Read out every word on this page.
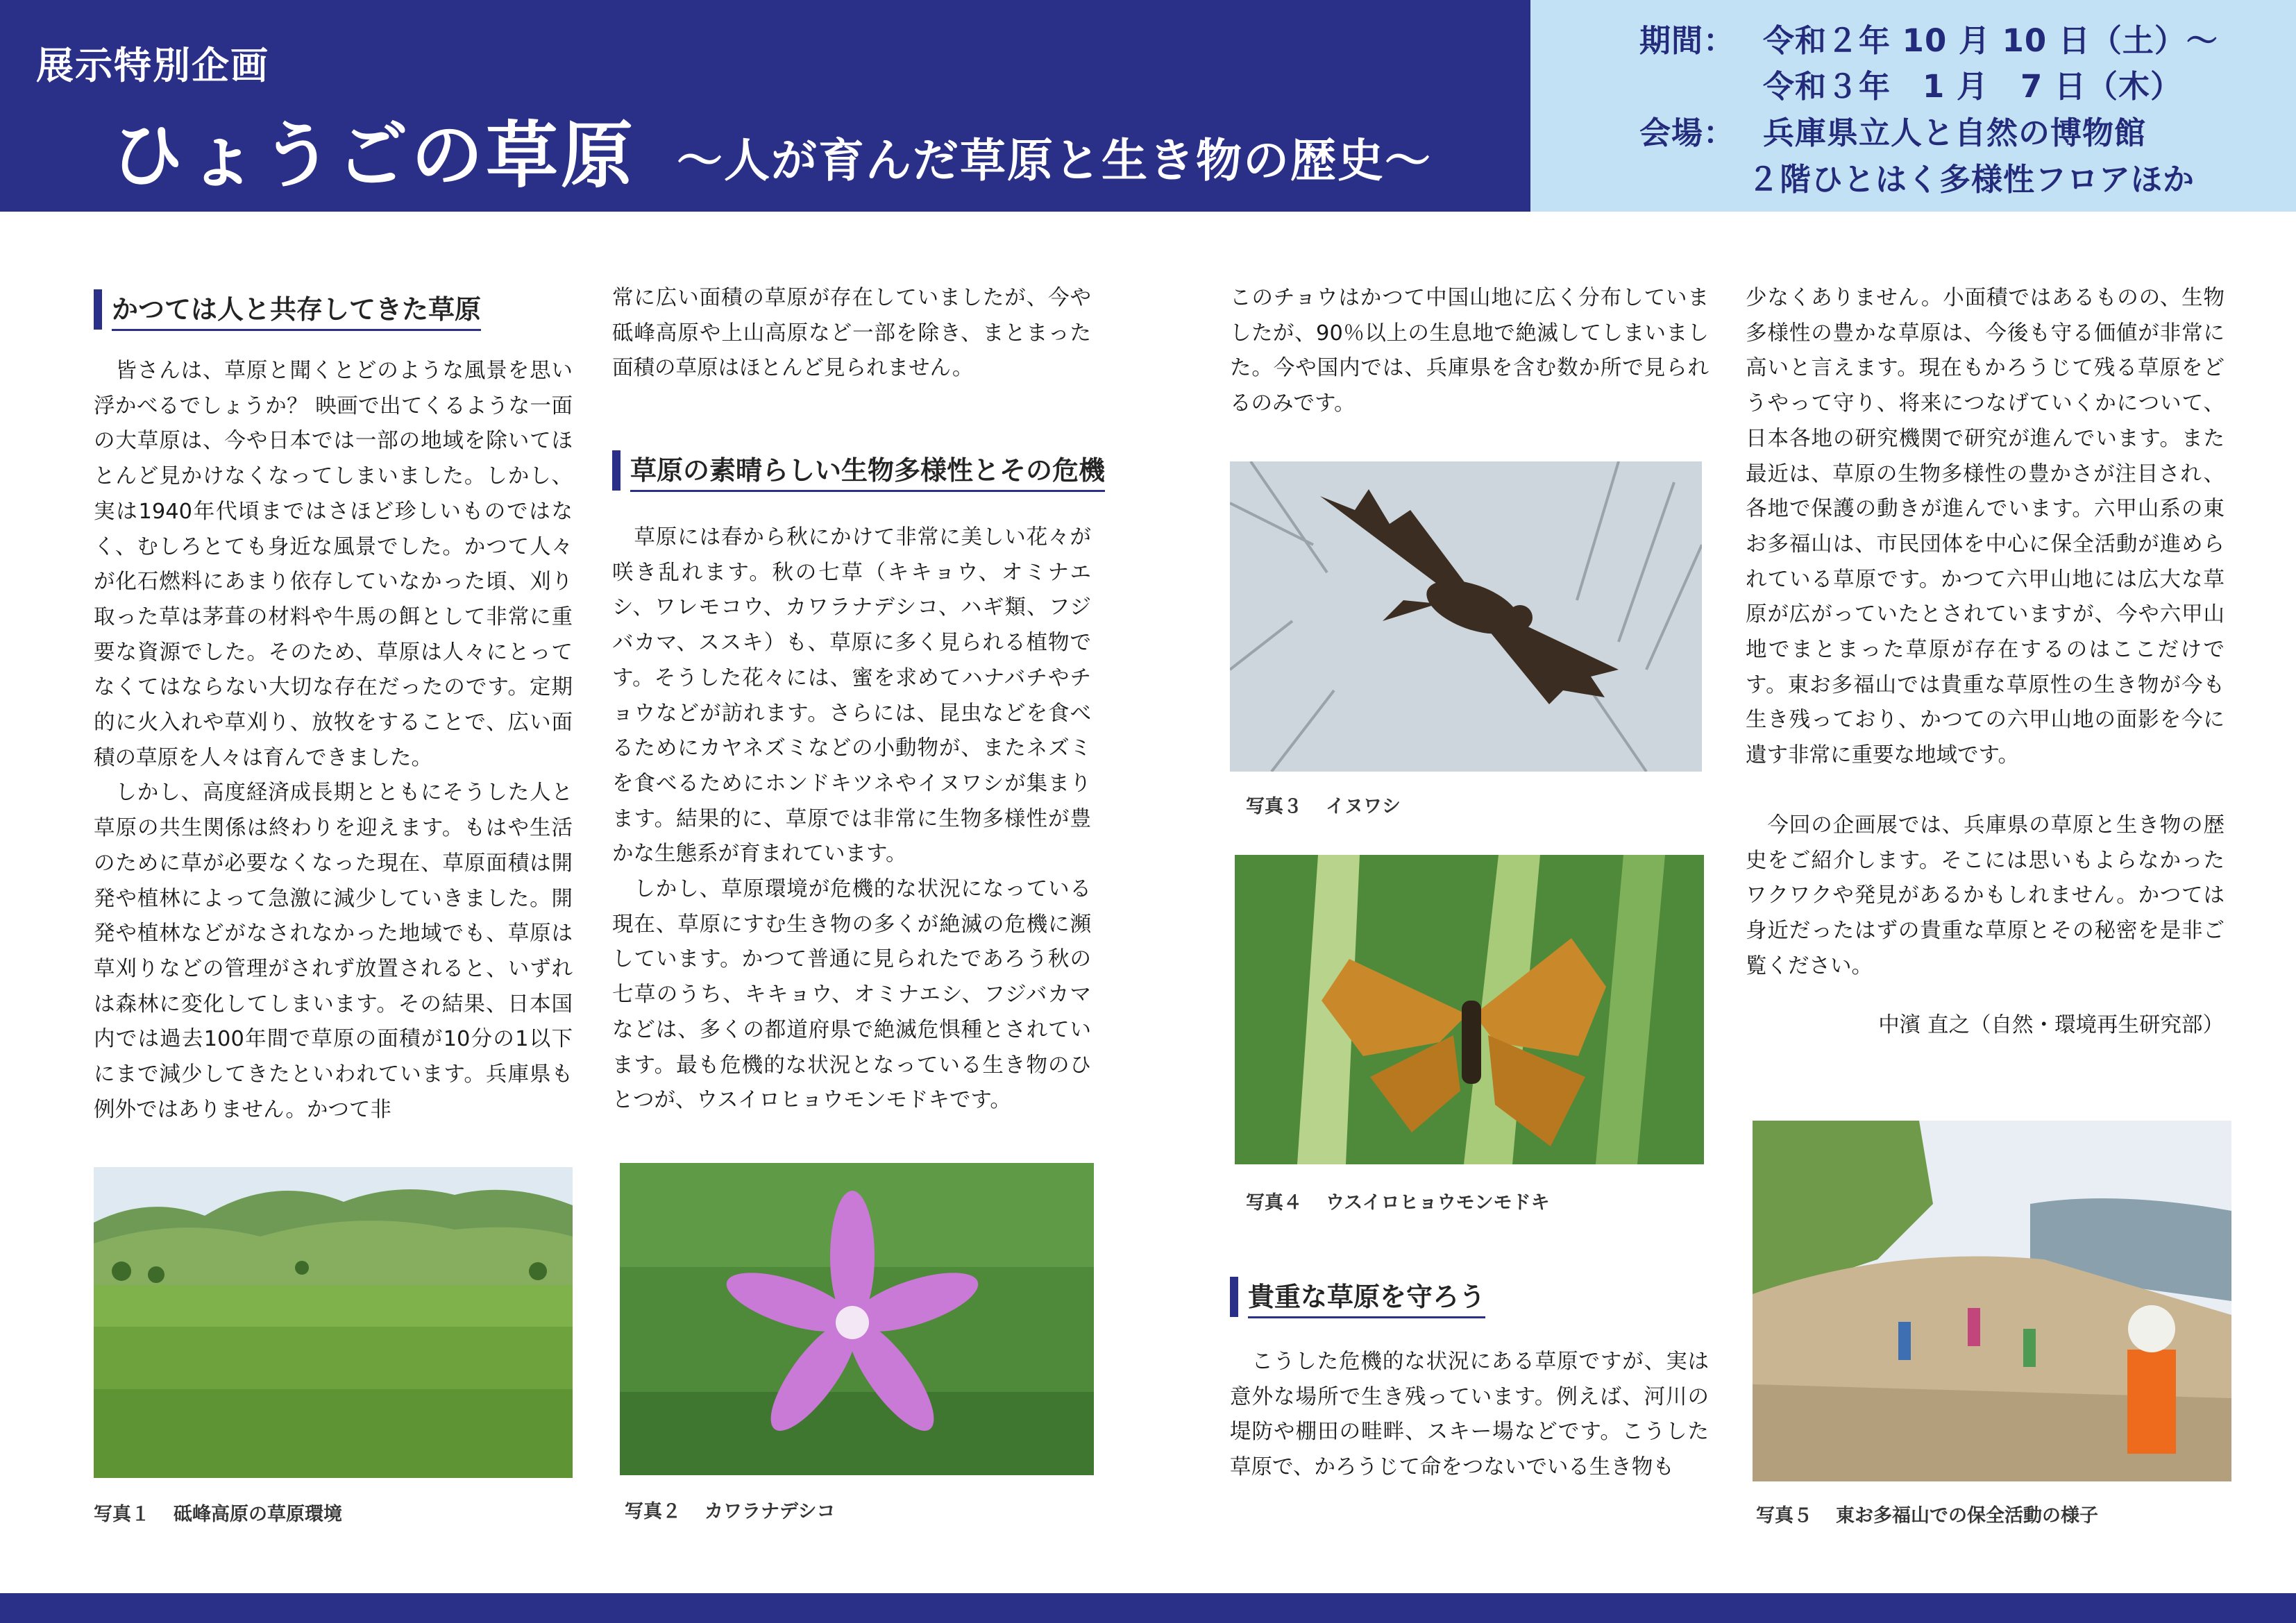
展示特別企画
ひょうごの草原 ～人が育んだ草原と生き物の歴史～
期間： 令和２年 10 月 10 日（土）～
令和３年　1 月　7 日（木）
会場： 兵庫県立人と自然の博物館
２階ひとはく多様性フロアほか
かつては人と共存してきた草原

　皆さんは、草原と聞くとどのような風景を思い浮かべるでしょうか？ 映画で出てくるような一面の大草原は、今や日本では一部の地域を除いてほとんど見かけなくなってしまいました。しかし、実は1940年代頃まではさほど珍しいものではなく、むしろとても身近な風景でした。かつて人々が化石燃料にあまり依存していなかった頃、刈り取った草は茅葺の材料や牛馬の餌として非常に重要な資源でした。そのため、草原は人々にとってなくてはならない大切な存在だったのです。定期的に火入れや草刈り、放牧をすることで、広い面積の草原を人々は育んできました。

　しかし、高度経済成長期とともにそうした人と草原の共生関係は終わりを迎えます。もはや生活のために草が必要なくなった現在、草原面積は開発や植林によって急激に減少していきました。開発や植林などがなされなかった地域でも、草原は草刈りなどの管理がされず放置されると、いずれは森林に変化してしまいます。その結果、日本国内では過去100年間で草原の面積が10分の1以下にまで減少してきたといわれています。兵庫県も例外ではありません。かつて非

常に広い面積の草原が存在していましたが、今や砥峰高原や上山高原など一部を除き、まとまった面積の草原はほとんど見られません。

草原の素晴らしい生物多様性とその危機

　草原には春から秋にかけて非常に美しい花々が咲き乱れます。秋の七草（キキョウ、オミナエシ、ワレモコウ、カワラナデシコ、ハギ類、フジバカマ、ススキ）も、草原に多く見られる植物です。そうした花々には、蜜を求めてハナバチやチョウなどが訪れます。さらには、昆虫などを食べるためにカヤネズミなどの小動物が、またネズミを食べるためにホンドキツネやイヌワシが集まります。結果的に、草原では非常に生物多様性が豊かな生態系が育まれています。

　しかし、草原環境が危機的な状況になっている現在、草原にすむ生き物の多くが絶滅の危機に瀕しています。かつて普通に見られたであろう秋の七草のうち、キキョウ、オミナエシ、フジバカマなどは、多くの都道府県で絶滅危惧種とされています。最も危機的な状況となっている生き物のひとつが、ウスイロヒョウモンモドキです。

このチョウはかつて中国山地に広く分布していましたが、90％以上の生息地で絶滅してしまいました。今や国内では、兵庫県を含む数か所で見られるのみです。

貴重な草原を守ろう

　こうした危機的な状況にある草原ですが、実は意外な場所で生き残っています。例えば、河川の堤防や棚田の畦畔、スキー場などです。こうした草原で、かろうじて命をつないでいる生き物も

少なくありません。小面積ではあるものの、生物多様性の豊かな草原は、今後も守る価値が非常に高いと言えます。現在もかろうじて残る草原をどうやって守り、将来につなげていくかについて、日本各地の研究機関で研究が進んでいます。また最近は、草原の生物多様性の豊かさが注目され、各地で保護の動きが進んでいます。六甲山系の東お多福山は、市民団体を中心に保全活動が進められている草原です。かつて六甲山地には広大な草原が広がっていたとされていますが、今や六甲山地でまとまった草原が存在するのはここだけです。東お多福山では貴重な草原性の生き物が今も生き残っており、かつての六甲山地の面影を今に遺す非常に重要な地域です。

　今回の企画展では、兵庫県の草原と生き物の歴史をご紹介します。そこには思いもよらなかったワクワクや発見があるかもしれません。かつては身近だったはずの貴重な草原とその秘密を是非ご覧ください。

中濱 直之（自然・環境再生研究部）
写真１ 砥峰高原の草原環境	写真２ カワラナデシコ
写真３ イヌワシ
写真４ ウスイロヒョウモンモドキ
写真５ 東お多福山での保全活動の様子
